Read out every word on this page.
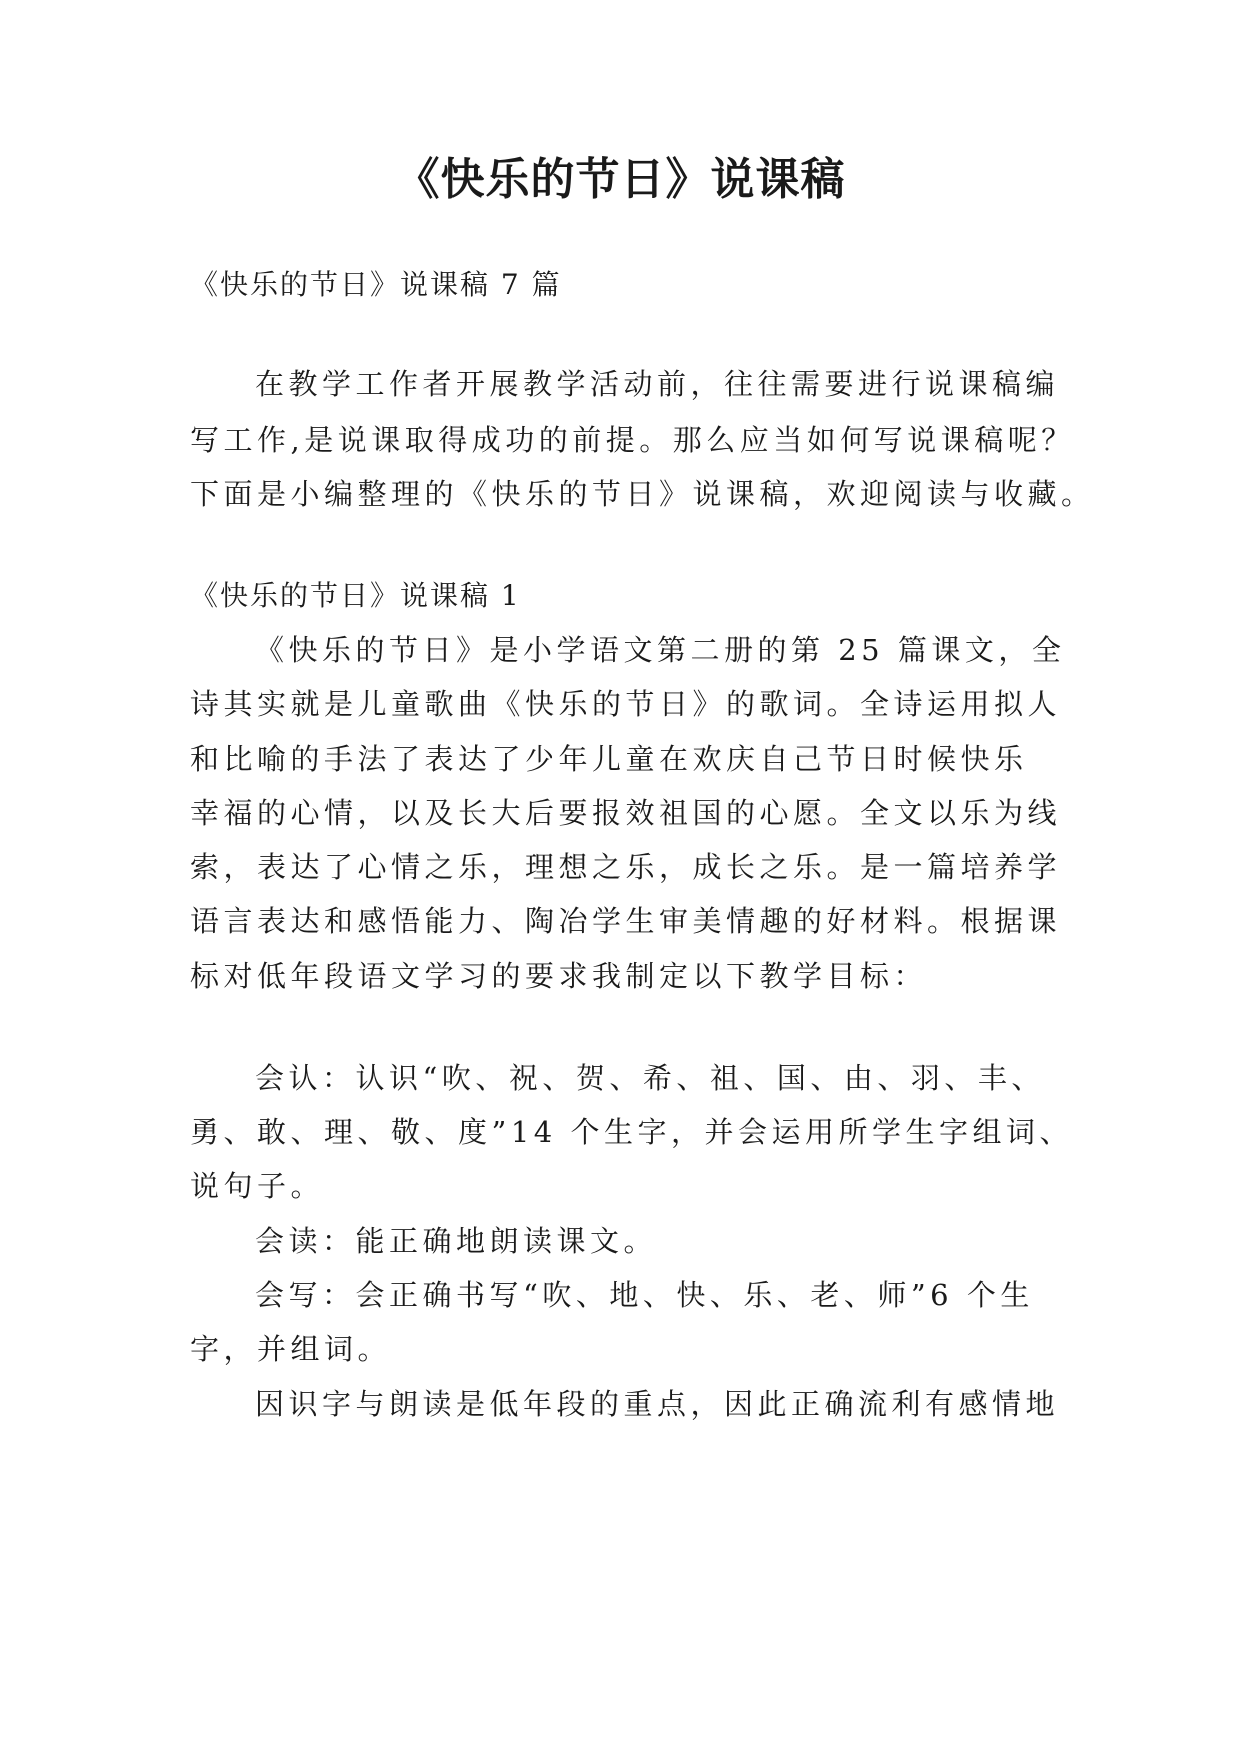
《快乐的节日》说课稿

《快乐的节日》说课稿 7 篇

在教学工作者开展教学活动前，往往需要进行说课稿编

写工作,是说课取得成功的前提。那么应当如何写说课稿呢？

下面是小编整理的《快乐的节日》说课稿，欢迎阅读与收藏。

《快乐的节日》说课稿 1

《快乐的节日》是小学语文第二册的第 25 篇课文，全

诗其实就是儿童歌曲《快乐的节日》的歌词。全诗运用拟人

和比喻的手法了表达了少年儿童在欢庆自己节日时候快乐

幸福的心情，以及长大后要报效祖国的心愿。全文以乐为线

索，表达了心情之乐，理想之乐，成长之乐。是一篇培养学

语言表达和感悟能力、陶冶学生审美情趣的好材料。根据课

标对低年段语文学习的要求我制定以下教学目标：

会认：认识“吹、祝、贺、希、祖、国、由、羽、丰、

勇、敢、理、敬、度”14 个生字，并会运用所学生字组词、

说句子。

会读：能正确地朗读课文。

会写：会正确书写“吹、地、快、乐、老、师”6 个生

字，并组词。

因识字与朗读是低年段的重点，因此正确流利有感情地
